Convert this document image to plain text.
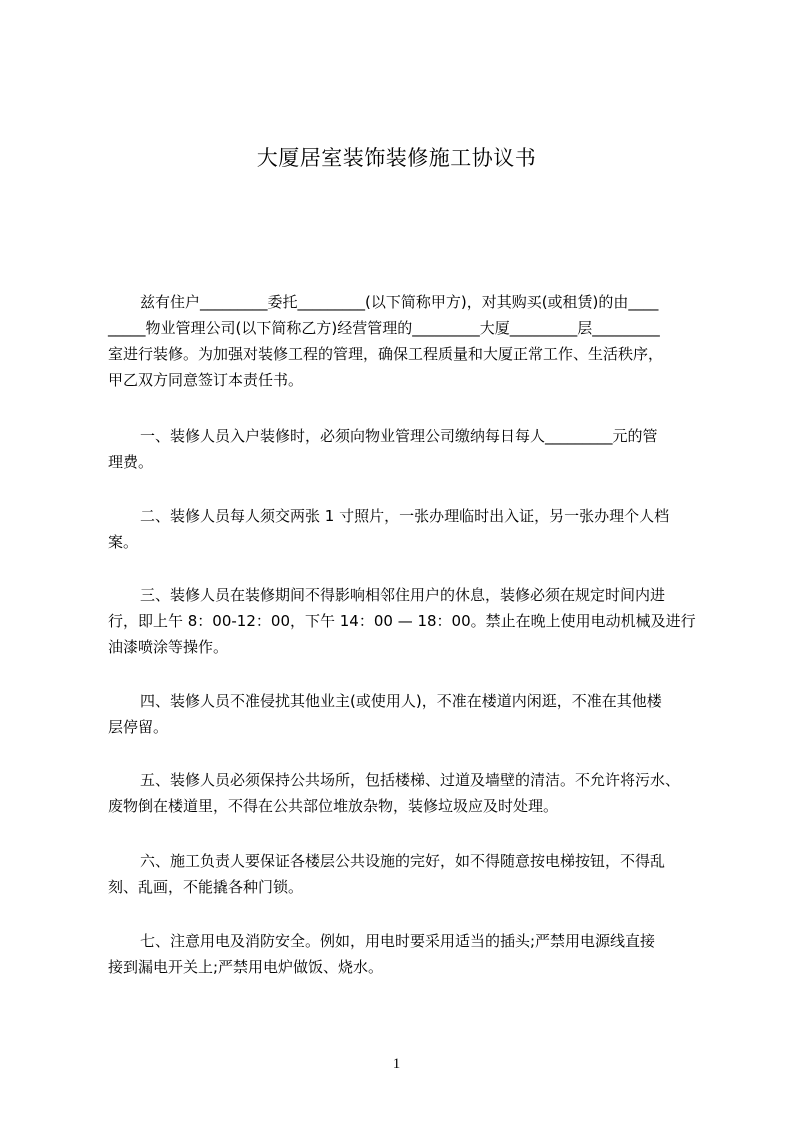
大厦居室装饰装修施工协议书
兹有住户_________委托_________(以下简称甲方)，对其购买(或租赁)的由____
_____物业管理公司(以下简称乙方)经营管理的_________大厦_________层_________
室进行装修。为加强对装修工程的管理，确保工程质量和大厦正常工作、生活秩序，
甲乙双方同意签订本责任书。
一、装修人员入户装修时，必须向物业管理公司缴纳每日每人_________元的管
理费。
二、装修人员每人须交两张 1 寸照片，一张办理临时出入证，另一张办理个人档
案。
三、装修人员在装修期间不得影响相邻住用户的休息，装修必须在规定时间内进
行，即上午 8：00-12：00，下午 14：00 — 18：00。禁止在晚上使用电动机械及进行
油漆喷涂等操作。
四、装修人员不准侵扰其他业主(或使用人)，不准在楼道内闲逛，不准在其他楼
层停留。
五、装修人员必须保持公共场所，包括楼梯、过道及墙壁的清洁。不允许将污水、
废物倒在楼道里，不得在公共部位堆放杂物，装修垃圾应及时处理。
六、施工负责人要保证各楼层公共设施的完好，如不得随意按电梯按钮，不得乱
刻、乱画，不能撬各种门锁。
七、注意用电及消防安全。例如，用电时要采用适当的插头;严禁用电源线直接
接到漏电开关上;严禁用电炉做饭、烧水。
1
